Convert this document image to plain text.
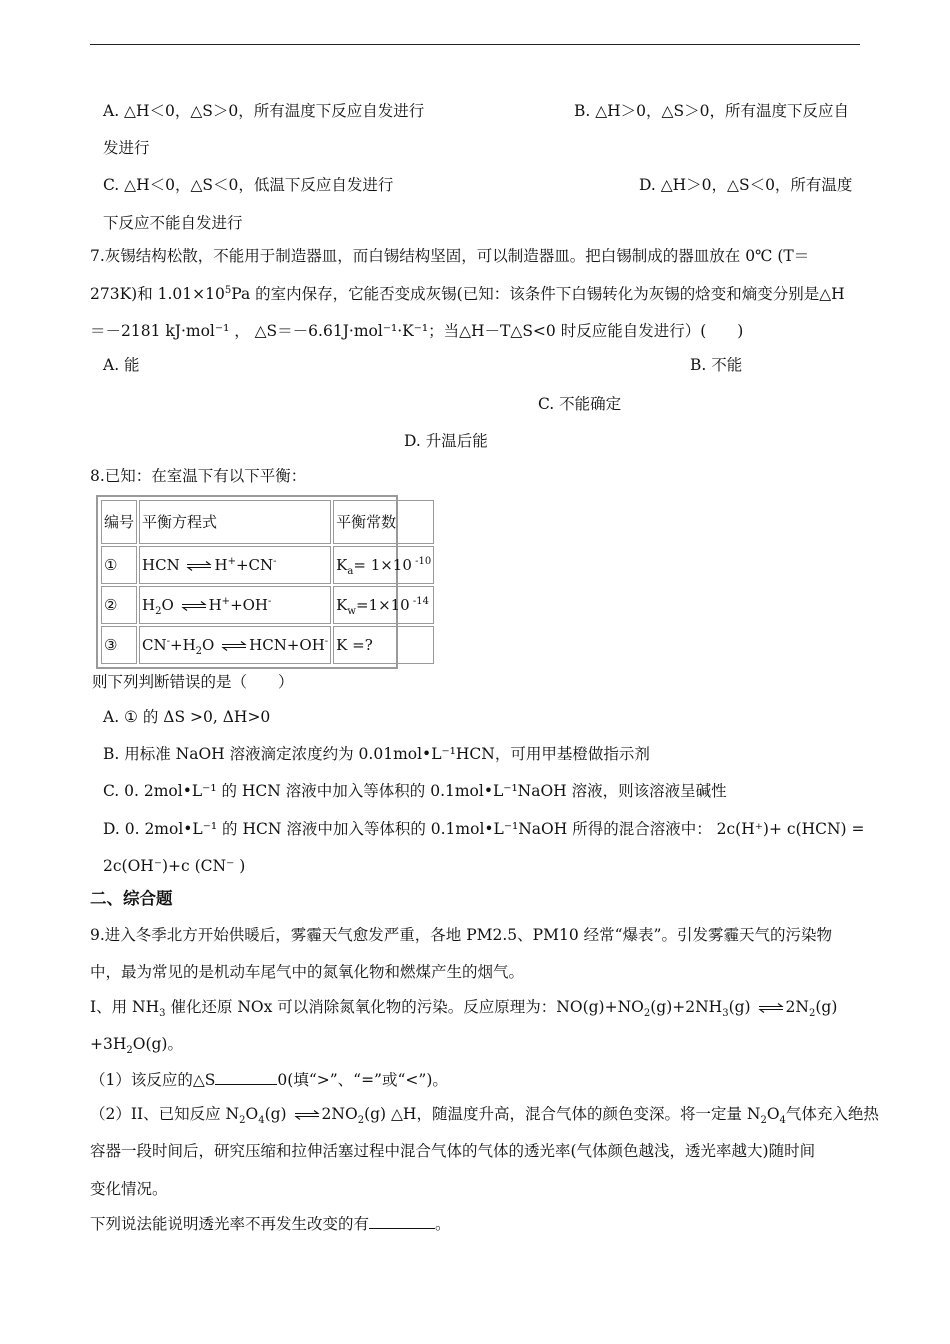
A. △H＜0，△S＞0，所有温度下反应自发进行	B. △H＞0，△S＞0，所有温度下反应自
发进行
C. △H＜0，△S＜0，低温下反应自发进行	D. △H＞0，△S＜0，所有温度
下反应不能自发进行
7.灰锡结构松散，不能用于制造器皿，而白锡结构坚固，可以制造器皿。把白锡制成的器皿放在 0℃ (T＝
273K)和 $1.01\times 10^5Pa$ 的室内保存，它能否变成灰锡(已知：该条件下白锡转化为灰锡的焓变和熵变分别是△H
＝－2181 kJ·mol⁻¹ ， △S＝－6.61J·mol⁻¹·K⁻¹；当△H－T△S<0 时反应能自发进行）(　　)
A. 能	B. 不能
C. 不能确定
D. 升温后能
8.已知：在室温下有以下平衡：
编号	平衡方程式	平衡常数
①	HCN ⇌ H++CN-	$K_a= 1\times 10$ $^{-10}$
②	$H_2O$ ⇌ H++OH-	$K_w=1\times 10$ $^{-14}$
③	$CN^-+H_2O$ ⇌ HCN+OH-	K =?
则下列判断错误的是（　　）
A. ① 的 ΔS >0, ΔH>0
B. 用标准 NaOH 溶液滴定浓度约为 0.01mol•L⁻¹HCN，可用甲基橙做指示剂
C. 0. 2mol•L⁻¹ 的 HCN 溶液中加入等体积的 0.1mol•L⁻¹NaOH 溶液，则该溶液呈碱性
D. 0. 2mol•L⁻¹ 的 HCN 溶液中加入等体积的 0.1mol•L⁻¹NaOH 所得的混合溶液中： 2c(H⁺)+ c(HCN) =
2c(OH⁻)+c (CN⁻ )
二、综合题
9.进入冬季北方开始供暖后，雾霾天气愈发严重，各地 PM2.5、PM10 经常“爆表”。引发雾霾天气的污染物
中，最为常见的是机动车尾气中的氮氧化物和燃煤产生的烟气。
I、用 $NH_3$ 催化还原 NOx 可以消除氮氧化物的污染。反应原理为：$NO(g)+NO_2(g)+2NH_3(g)$ ⇌ $2N_2(g)$
$+3H_2O(g)$。
（1）该反应的△S	0(填“>”、“=”或“<”)。
（2）II、已知反应 $N_2O_4(g)$ ⇌ $2NO_2(g)$ △H，随温度升高，混合气体的颜色变深。将一定量 $N_2O_4$气体充入绝热
容器一段时间后，研究压缩和拉伸活塞过程中混合气体的气体的透光率(气体颜色越浅，透光率越大)随时间
变化情况。
下列说法能说明透光率不再发生改变的有	。
